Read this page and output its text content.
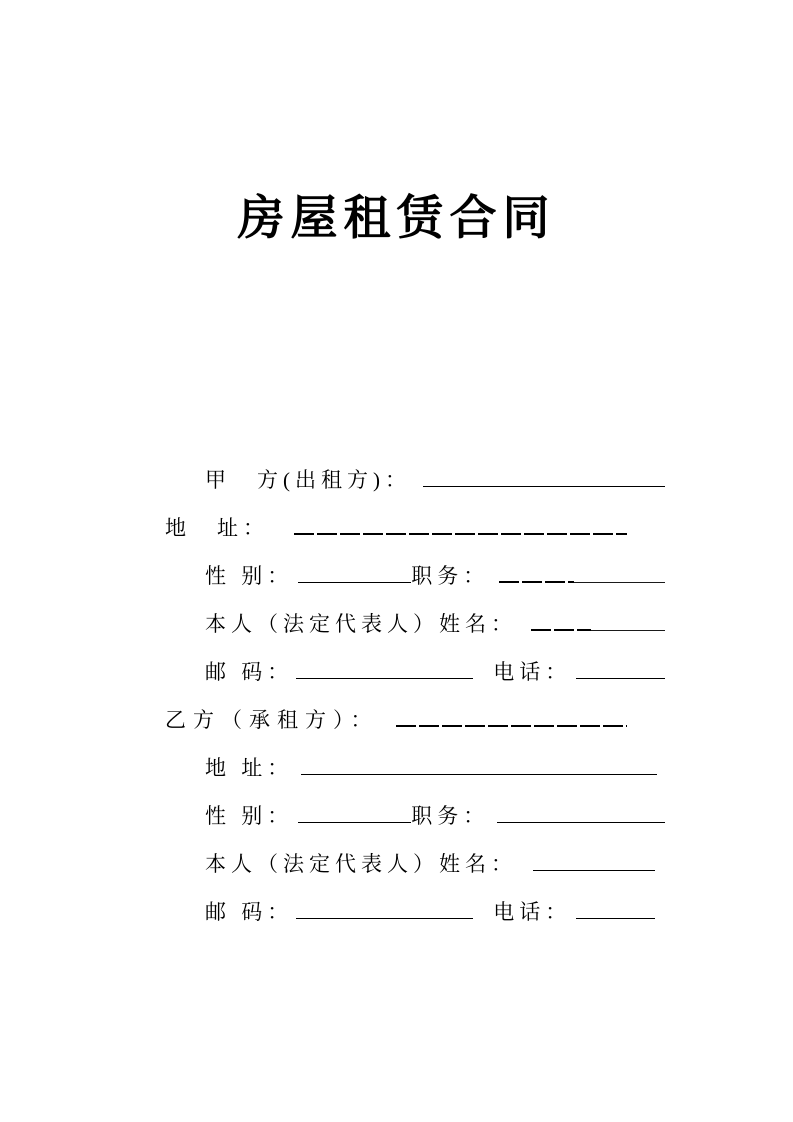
房屋租赁合同
甲　方(出租方)：
地　址：
性 别：	职务：
本人（法定代表人）姓名：
邮 码：	电话：
乙方（承租方）：
地 址：
性 别：	职务：
本人（法定代表人）姓名：
邮 码：	电话：
